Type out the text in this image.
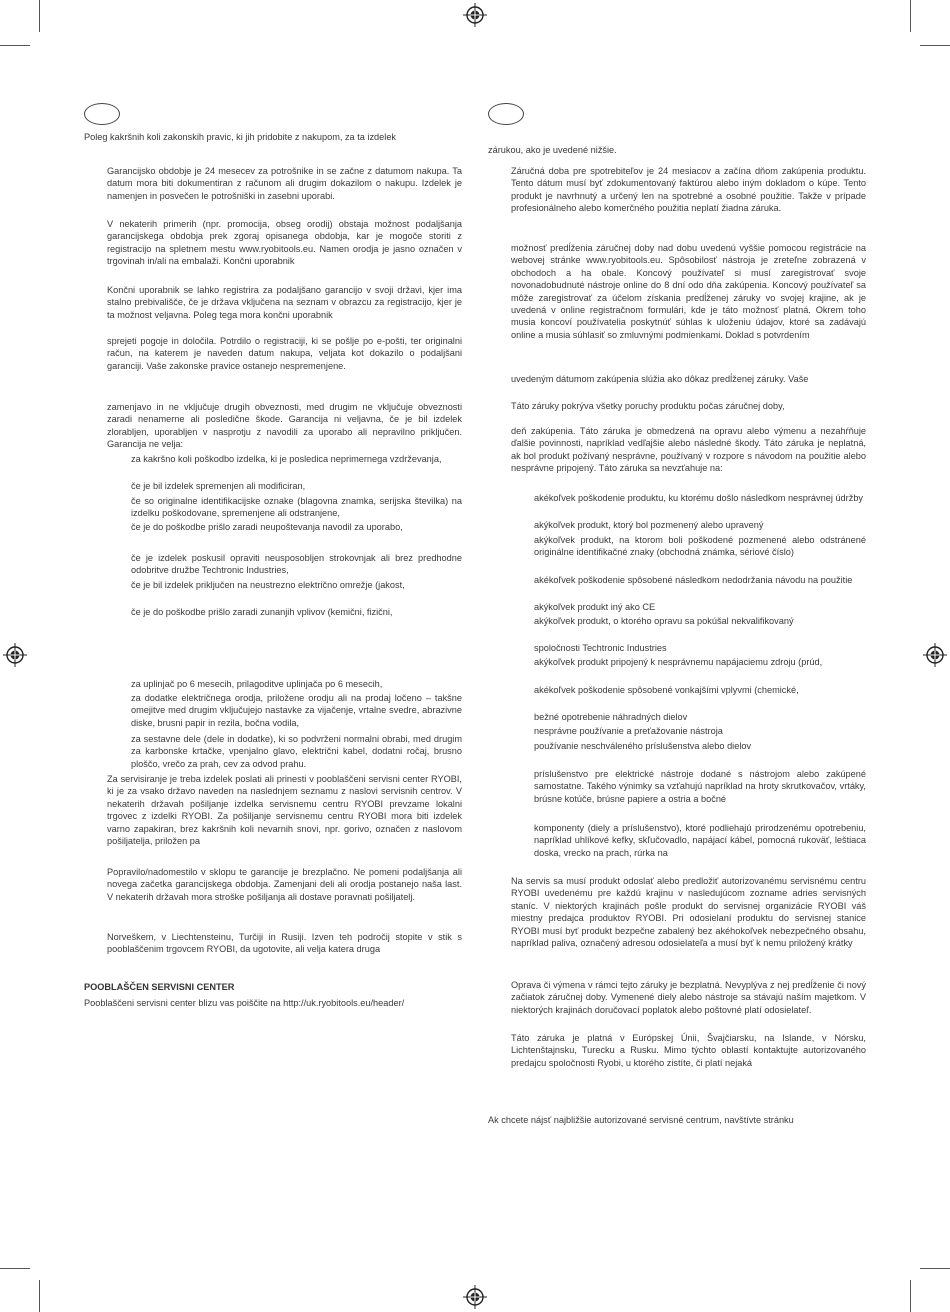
Poleg kakršnih koli zakonskih pravic, ki jih pridobite z nakupom, za ta izdelek

Garancijsko obdobje je 24 mesecev za potrošnike in se začne z datumom nakupa. Ta datum mora biti dokumentiran z računom ali drugim dokazilom o nakupu. Izdelek je namenjen in posvečen le potrošniški in zasebni uporabi.

V nekaterih primerih (npr. promocija, obseg orodij) obstaja možnost podaljšanja garancijskega obdobja prek zgoraj opisanega obdobja, kar je mogoče storiti z registracijo na spletnem mestu www.ryobitools.eu. Namen orodja je jasno označen v trgovinah in/ali na embalaži. Končni uporabnik

Končni uporabnik se lahko registrira za podaljšano garancijo v svoji državi, kjer ima stalno prebivališče, če je država vključena na seznam v obrazcu za registracijo, kjer je ta možnost veljavna. Poleg tega mora končni uporabnik

sprejeti pogoje in določila. Potrdilo o registraciji, ki se pošlje po e-pošti, ter originalni račun, na katerem je naveden datum nakupa, veljata kot dokazilo o podaljšani garanciji. Vaše zakonske pravice ostanejo nespremenjene.

zamenjavo in ne vključuje drugih obveznosti, med drugim ne vključuje obveznosti zaradi nenamerne ali posledične škode. Garancija ni veljavna, če je bil izdelek zlorabljen, uporabljen v nasprotju z navodili za uporabo ali nepravilno priključen. Garancija ne velja:

za kakršno koli poškodbo izdelka, ki je posledica neprimernega vzdrževanja,

če je bil izdelek spremenjen ali modificiran,

če so originalne identifikacijske oznake (blagovna znamka, serijska številka) na izdelku poškodovane, spremenjene ali odstranjene,

če je do poškodbe prišlo zaradi neupoštevanja navodil za uporabo,

če je izdelek poskusil opraviti neusposobljen strokovnjak ali brez predhodne odobritve družbe Techtronic Industries,

če je bil izdelek priključen na neustrezno električno omrežje (jakost,

če je do poškodbe prišlo zaradi zunanjih vplivov (kemični, fizični,

za uplinjač po 6 mesecih, prilagoditve uplinjača po 6 mesecih,

za dodatke električnega orodja, priložene orodju ali na prodaj ločeno – takšne omejitve med drugim vključujejo nastavke za vijačenje, vrtalne svedre, abrazivne diske, brusni papir in rezila, bočna vodila,

za sestavne dele (dele in dodatke), ki so podvrženi normalni obrabi, med drugim za karbonske krtačke, vpenjalno glavo, električni kabel, dodatni ročaj, brusno ploščo, vrečo za prah, cev za odvod prahu.

Za servisiranje je treba izdelek poslati ali prinesti v pooblaščeni servisni center RYOBI, ki je za vsako državo naveden na naslednjem seznamu z naslovi servisnih centrov. V nekaterih državah pošiljanje izdelka servisnemu centru RYOBI prevzame lokalni trgovec z izdelki RYOBI. Za pošiljanje servisnemu centru RYOBI mora biti izdelek varno zapakiran, brez kakršnih koli nevarnih snovi, npr. gorivo, označen z naslovom pošiljatelja, priložen pa

Popravilo/nadomestilo v sklopu te garancije je brezplačno. Ne pomeni podaljšanja ali novega začetka garancijskega obdobja. Zamenjani deli ali orodja postanejo naša last. V nekaterih državah mora stroške pošiljanja ali dostave poravnati pošiljatelj.

Norveškem, v Liechtensteinu, Turčiji in Rusiji. Izven teh področij stopite v stik s pooblaščenim trgovcem RYOBI, da ugotovite, ali velja katera druga

POOBLAŠČEN SERVISNI CENTER

Pooblaščeni servisni center blizu vas poiščite na http://uk.ryobitools.eu/header/

zárukou, ako je uvedené nižšie.

Záručná doba pre spotrebiteľov je 24 mesiacov a začína dňom zakúpenia produktu. Tento dátum musí byť zdokumentovaný faktúrou alebo iným dokladom o kúpe. Tento produkt je navrhnutý a určený len na spotrebné a osobné použitie. Takže v prípade profesionálneho alebo komerčného použitia neplatí žiadna záruka.

možnosť predĺženia záručnej doby nad dobu uvedenú vyššie pomocou registrácie na webovej stránke www.ryobitools.eu. Spôsobilosť nástroja je zreteľne zobrazená v obchodoch a ha obale. Koncový používateľ si musí zaregistrovať svoje novonadobudnuté nástroje online do 8 dní odo dňa zakúpenia. Koncový používateľ sa môže zaregistrovať za účelom získania predĺženej záruky vo svojej krajine, ak je uvedená v online registračnom formulári, kde je táto možnosť platná. Okrem toho musia koncoví používatelia poskytnúť súhlas k uloženiu údajov, ktoré sa zadávajú online a musia súhlasiť so zmluvnými podmienkami. Doklad s potvrdením

uvedeným dátumom zakúpenia slúžia ako dôkaz predĺženej záruky. Vaše

Táto záruky pokrýva všetky poruchy produktu počas záručnej doby,

deň zakúpenia. Táto záruka je obmedzená na opravu alebo výmenu a nezahŕňuje ďalšie povinnosti, napríklad vedľajšie alebo následné škody. Táto záruka je neplatná, ak bol produkt požívaný nesprávne, používaný v rozpore s návodom na použitie alebo nesprávne pripojený. Táto záruka sa nevzťahuje na:

akékoľvek poškodenie produktu, ku ktorému došlo následkom nesprávnej údržby

akýkoľvek produkt, ktorý bol pozmenený alebo upravený

akýkoľvek produkt, na ktorom boli poškodené pozmenené alebo odstránené originálne identifikačné znaky (obchodná známka, sériové číslo)

akékoľvek poškodenie spôsobené následkom nedodržania návodu na použitie

akýkoľvek produkt iný ako CE

akýkoľvek produkt, o ktorého opravu sa pokúšal nekvalifikovaný

spoločnosti Techtronic Industries

akýkoľvek produkt pripojený k nesprávnemu napájaciemu zdroju (prúd,

akékoľvek poškodenie spôsobené vonkajšími vplyvmi (chemické,

bežné opotrebenie náhradných dielov

nesprávne používanie a preťažovanie nástroja

používanie neschváleného príslušenstva alebo dielov

príslušenstvo pre elektrické nástroje dodané s nástrojom alebo zakúpené samostatne. Takého výnimky sa vzťahujú napríklad na hroty skrutkovačov, vrtáky, brúsne kotúče, brúsne papiere a ostria a bočné

komponenty (diely a príslušenstvo), ktoré podliehajú prirodzenému opotrebeniu, napríklad uhlíkové kefky, skľučovadlo, napájací kábel, pomocná rukoväť, leštiaca doska, vrecko na prach, rúrka na

Na servis sa musí produkt odoslať alebo predložiť autorizovanému servisnému centru RYOBI uvedenému pre každú krajinu v nasledujúcom zozname adries servisných staníc. V niektorých krajinách pošle produkt do servisnej organizácie RYOBI váš miestny predajca produktov RYOBI. Pri odosielaní produktu do servisnej stanice RYOBI musí byť produkt bezpečne zabalený bez akéhokoľvek nebezpečného obsahu, napríklad paliva, označený adresou odosielateľa a musí byť k nemu priložený krátky

Oprava či výmena v rámci tejto záruky je bezplatná. Nevyplýva z nej predĺženie či nový začiatok záručnej doby. Vymenené diely alebo nástroje sa stávajú naším majetkom. V niektorých krajinách doručovací poplatok alebo poštovné platí odosielateľ.

Táto záruka je platná v Európskej Únii, Švajčiarsku, na Islande, v Nórsku, Lichtenštajnsku, Turecku a Rusku. Mimo týchto oblastí kontaktujte autorizovaného predajcu spoločnosti Ryobi, u ktorého zistíte, či platí nejaká

Ak chcete nájsť najbližšie autorizované servisné centrum, navštívte stránku
